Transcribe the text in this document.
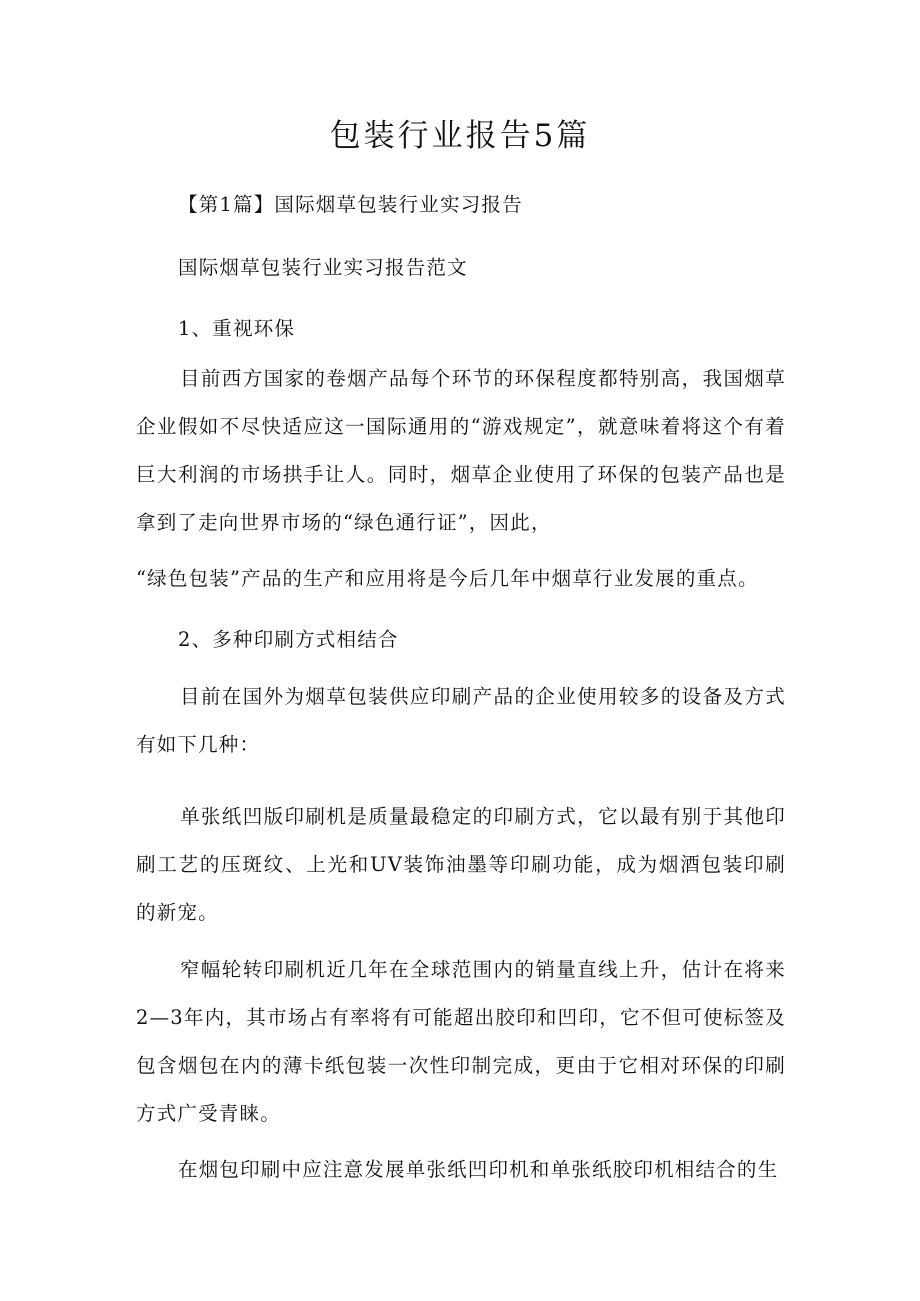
包装行业报告5篇
【第1篇】国际烟草包装行业实习报告
国际烟草包装行业实习报告范文
1、重视环保

目前西方国家的卷烟产品每个环节的环保程度都特别高，我国烟草企业假如不尽快适应这一国际通用的“游戏规定”，就意味着将这个有着巨大利润的市场拱手让人。同时，烟草企业使用了环保的包装产品也是拿到了走向世界市场的“绿色通行证”，因此，

“绿色包装”产品的生产和应用将是今后几年中烟草行业发展的重点。
2、多种印刷方式相结合

目前在国外为烟草包装供应印刷产品的企业使用较多的设备及方式有如下几种：

单张纸凹版印刷机是质量最稳定的印刷方式，它以最有别于其他印刷工艺的压斑纹、上光和UV装饰油墨等印刷功能，成为烟酒包装印刷的新宠。

窄幅轮转印刷机近几年在全球范围内的销量直线上升，估计在将来2—3年内，其市场占有率将有可能超出胶印和凹印，它不但可使标签及包含烟包在内的薄卡纸包装一次性印制完成，更由于它相对环保的印刷方式广受青睐。

在烟包印刷中应注意发展单张纸凹印机和单张纸胶印机相结合的生
